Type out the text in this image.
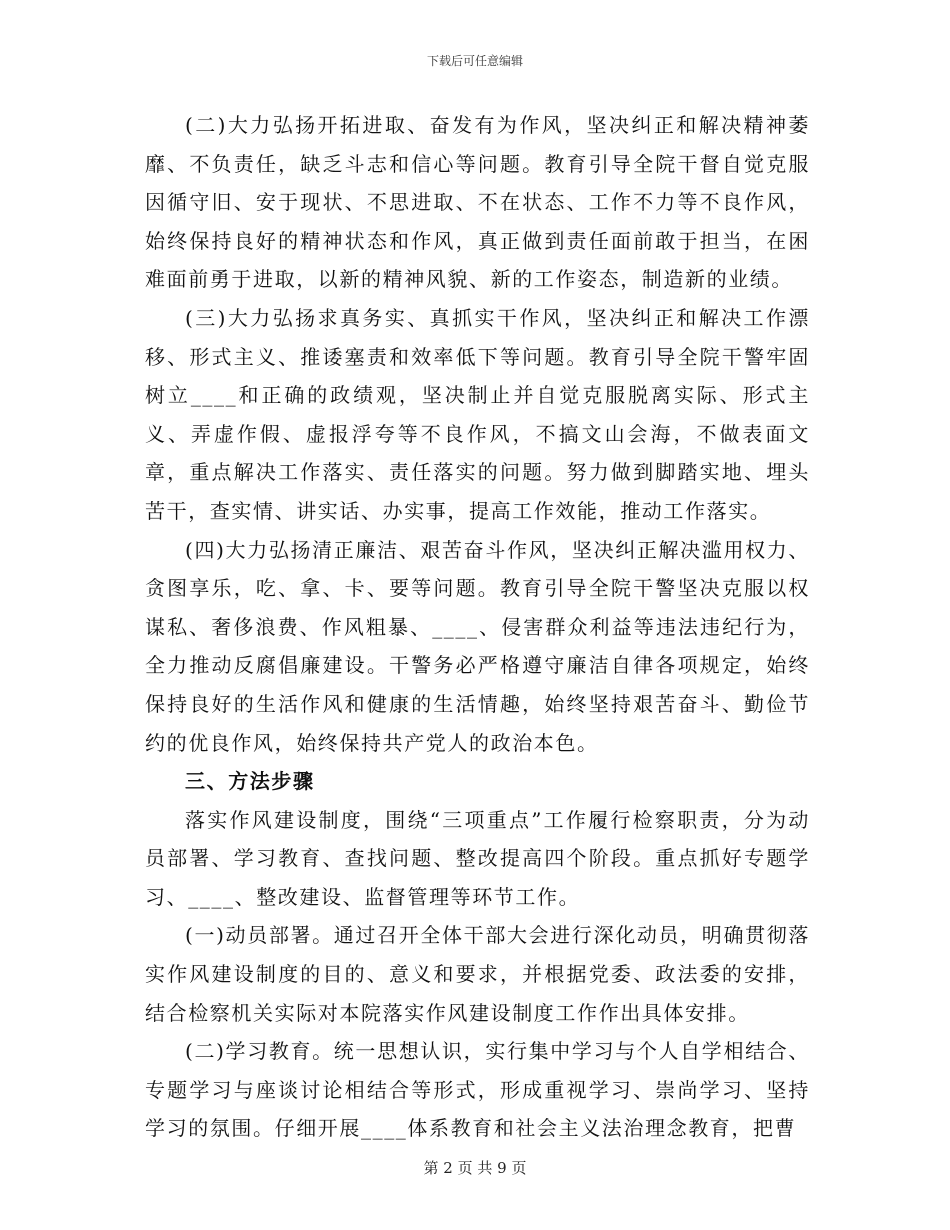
下载后可任意编辑

(二)大力弘扬开拓进取、奋发有为作风，坚决纠正和解决精神萎靡、不负责任，缺乏斗志和信心等问题。教育引导全院干督自觉克服因循守旧、安于现状、不思进取、不在状态、工作不力等不良作风，始终保持良好的精神状态和作风，真正做到责任面前敢于担当，在困难面前勇于进取，以新的精神风貌、新的工作姿态，制造新的业绩。

(三)大力弘扬求真务实、真抓实干作风，坚决纠正和解决工作漂移、形式主义、推诿塞责和效率低下等问题。教育引导全院干警牢固树立____和正确的政绩观，坚决制止并自觉克服脱离实际、形式主义、弄虚作假、虚报浮夸等不良作风，不搞文山会海，不做表面文章，重点解决工作落实、责任落实的问题。努力做到脚踏实地、埋头苦干，查实情、讲实话、办实事，提高工作效能，推动工作落实。

(四)大力弘扬清正廉洁、艰苦奋斗作风，坚决纠正解决滥用权力、贪图享乐，吃、拿、卡、要等问题。教育引导全院干警坚决克服以权谋私、奢侈浪费、作风粗暴、____、侵害群众利益等违法违纪行为，全力推动反腐倡廉建设。干警务必严格遵守廉洁自律各项规定，始终保持良好的生活作风和健康的生活情趣，始终坚持艰苦奋斗、勤俭节约的优良作风，始终保持共产党人的政治本色。

三、方法步骤

落实作风建设制度，围绕“三项重点”工作履行检察职责，分为动员部署、学习教育、查找问题、整改提高四个阶段。重点抓好专题学习、____、整改建设、监督管理等环节工作。

(一)动员部署。通过召开全体干部大会进行深化动员，明确贯彻落实作风建设制度的目的、意义和要求，并根据党委、政法委的安排，结合检察机关实际对本院落实作风建设制度工作作出具体安排。

(二)学习教育。统一思想认识，实行集中学习与个人自学相结合、专题学习与座谈讨论相结合等形式，形成重视学习、崇尚学习、坚持学习的氛围。仔细开展____体系教育和社会主义法治理念教育，把曹

第 2 页 共 9 页
